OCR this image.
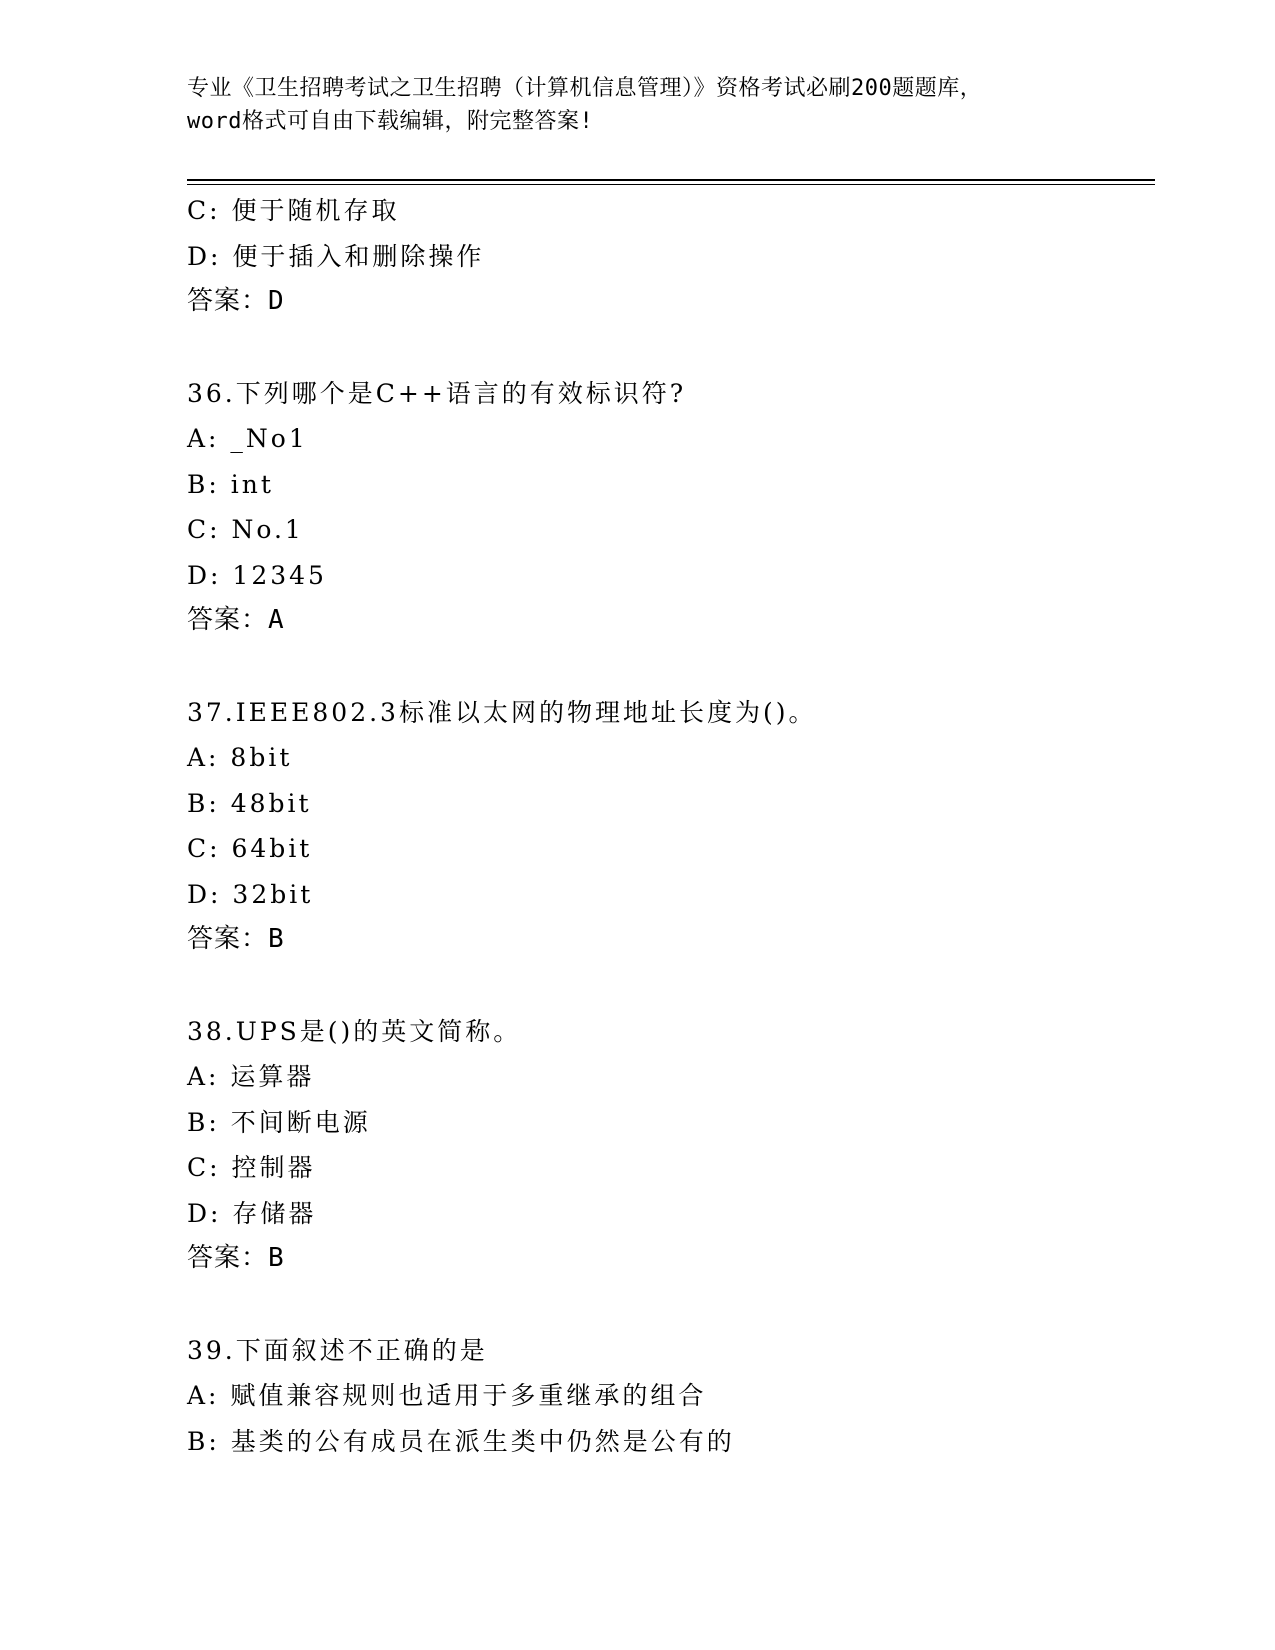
专业《卫生招聘考试之卫生招聘（计算机信息管理）》资格考试必刷200题题库，
word格式可自由下载编辑，附完整答案!
C: 便于随机存取
D: 便于插入和删除操作
答案：D
36.下列哪个是C++语言的有效标识符?
A: _No1
B: int
C: No.1
D: 12345
答案：A
37.IEEE802.3标准以太网的物理地址长度为()。
A: 8bit
B: 48bit
C: 64bit
D: 32bit
答案：B
38.UPS是()的英文简称。
A: 运算器
B: 不间断电源
C: 控制器
D: 存储器
答案：B
39.下面叙述不正确的是
A: 赋值兼容规则也适用于多重继承的组合
B: 基类的公有成员在派生类中仍然是公有的
